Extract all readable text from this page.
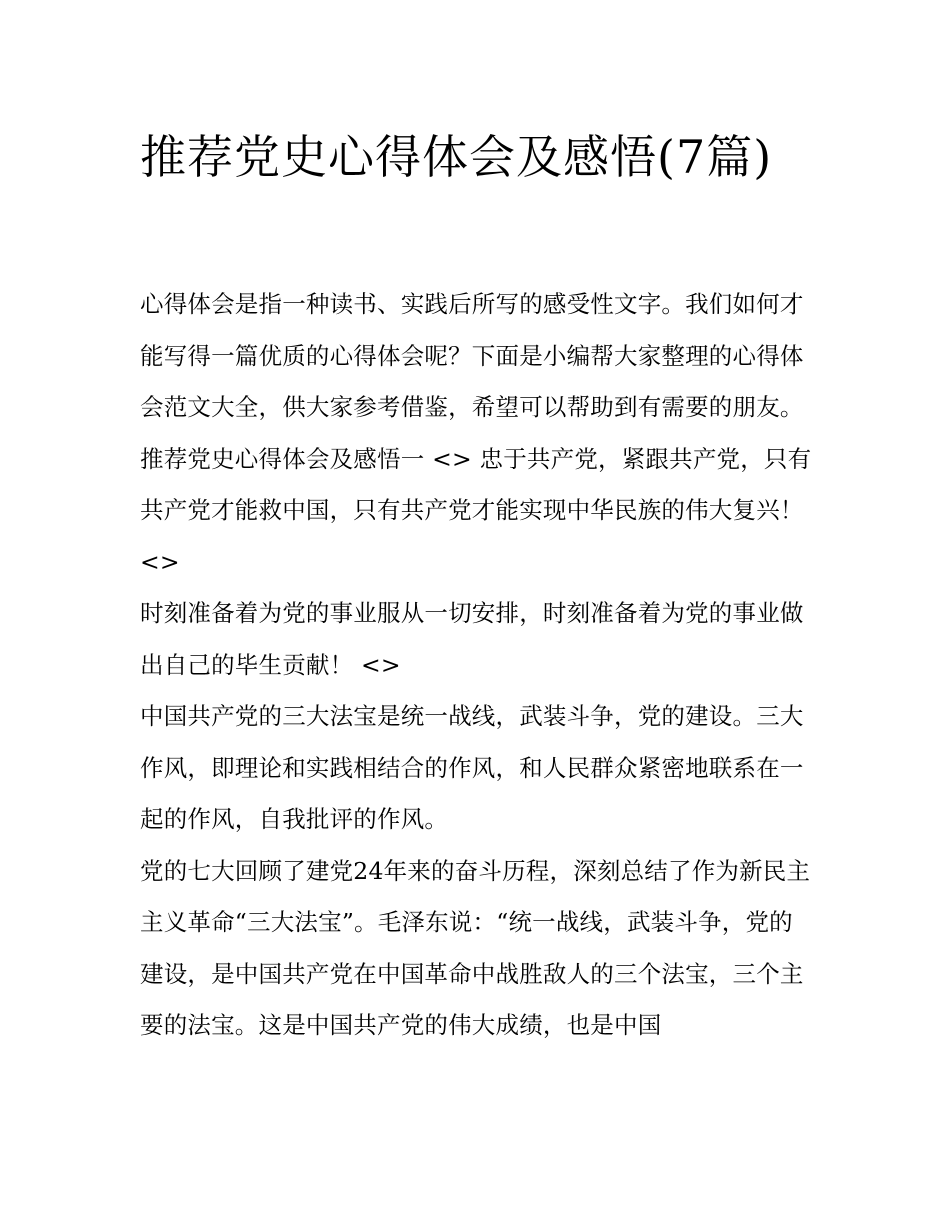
推荐党史心得体会及感悟(7篇)

心得体会是指一种读书、实践后所写的感受性文字。我们如何才能写得一篇优质的心得体会呢？下面是小编帮大家整理的心得体会范文大全，供大家参考借鉴，希望可以帮助到有需要的朋友。

推荐党史心得体会及感悟一 <> 忠于共产党，紧跟共产党，只有共产党才能救中国，只有共产党才能实现中华民族的伟大复兴！ <>

时刻准备着为党的事业服从一切安排，时刻准备着为党的事业做出自己的毕生贡献！ <>

中国共产党的三大法宝是统一战线，武装斗争，党的建设。三大作风，即理论和实践相结合的作风，和人民群众紧密地联系在一起的作风，自我批评的作风。

党的七大回顾了建党24年来的奋斗历程，深刻总结了作为新民主主义革命“三大法宝”。毛泽东说：“统一战线，武装斗争，党的建设，是中国共产党在中国革命中战胜敌人的三个法宝，三个主要的法宝。这是中国共产党的伟大成绩，也是中国
